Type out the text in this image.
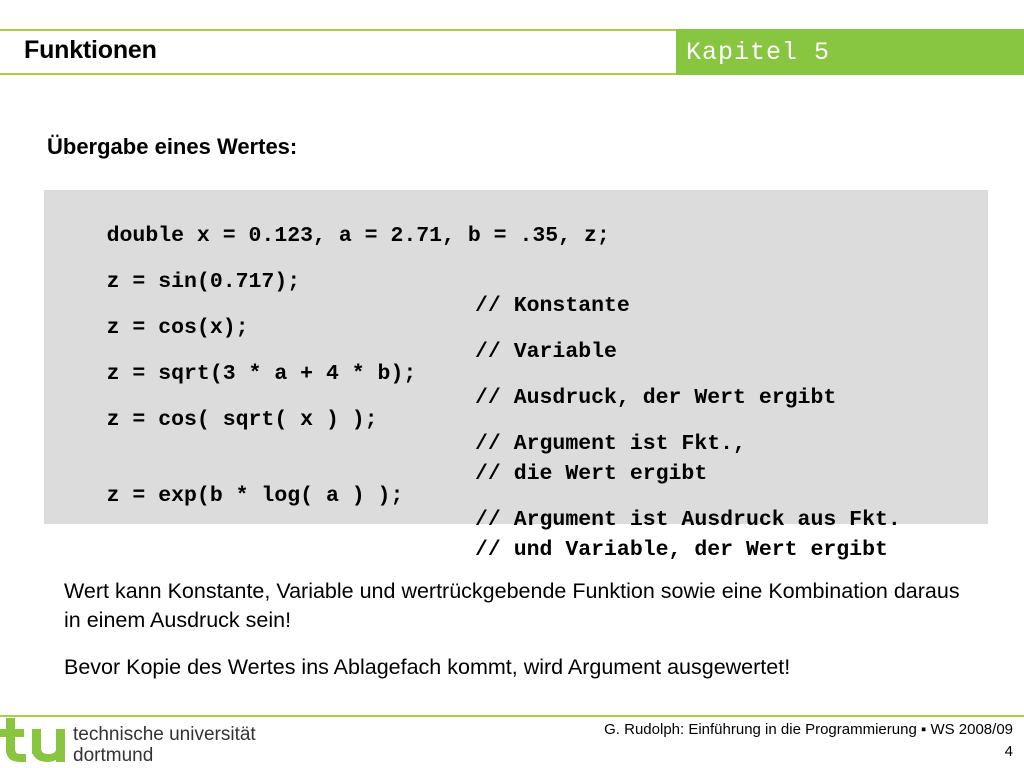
Funktionen	Kapitel 5
Übergabe eines Wertes:

double x = 0.123, a = 2.71, b = .35, z;

z = sin(0.717);

// Konstante

z = cos(x);

// Variable

z = sqrt(3 * a + 4 * b);

// Ausdruck, der Wert ergibt

z = cos( sqrt( x ) );

// Argument ist Fkt.,

// die Wert ergibt

z = exp(b * log( a ) );

// Argument ist Ausdruck aus Fkt.

// und Variable, der Wert ergibt

Wert kann Konstante, Variable und wertrückgebende Funktion sowie eine Kombination daraus in einem Ausdruck sein!
Bevor Kopie des Wertes ins Ablagefach kommt, wird Argument ausgewertet!
technische universität
dortmund
G. Rudolph: Einführung in die Programmierung ▪ WS 2008/09
4
